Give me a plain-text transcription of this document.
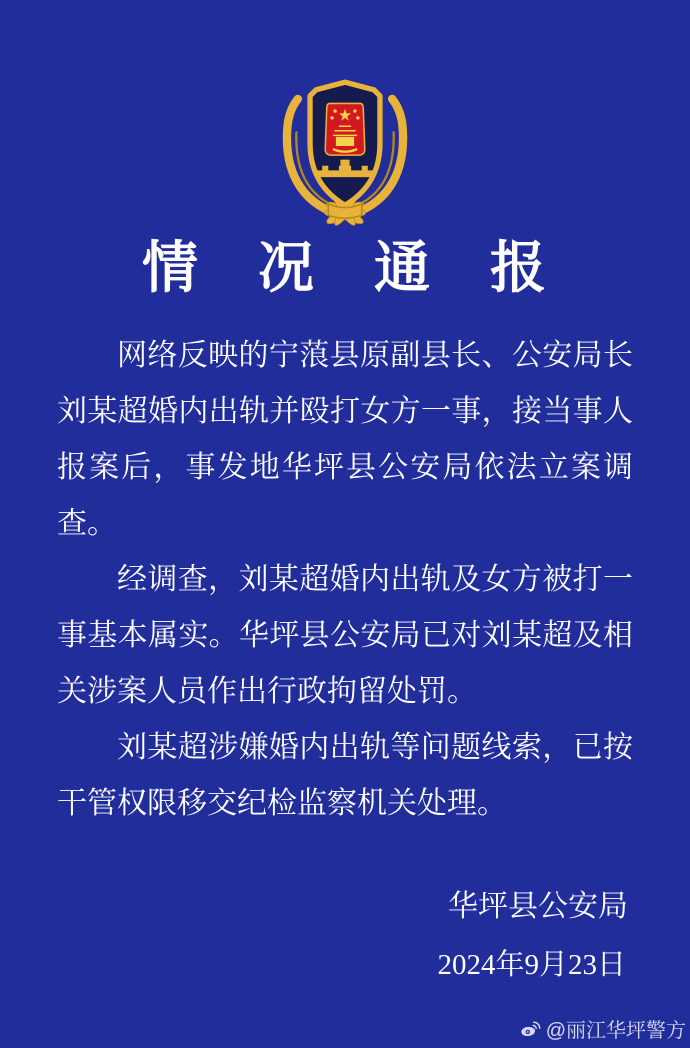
情　况　通　报

网络反映的宁蒗县原副县长、公安局长刘某超婚内出轨并殴打女方一事，接当事人报案后，事发地华坪县公安局依法立案调查。

经调查，刘某超婚内出轨及女方被打一事基本属实。华坪县公安局已对刘某超及相关涉案人员作出行政拘留处罚。

刘某超涉嫌婚内出轨等问题线索，已按干管权限移交纪检监察机关处理。

华坪县公安局
2024年9月23日
@丽江华坪警方
